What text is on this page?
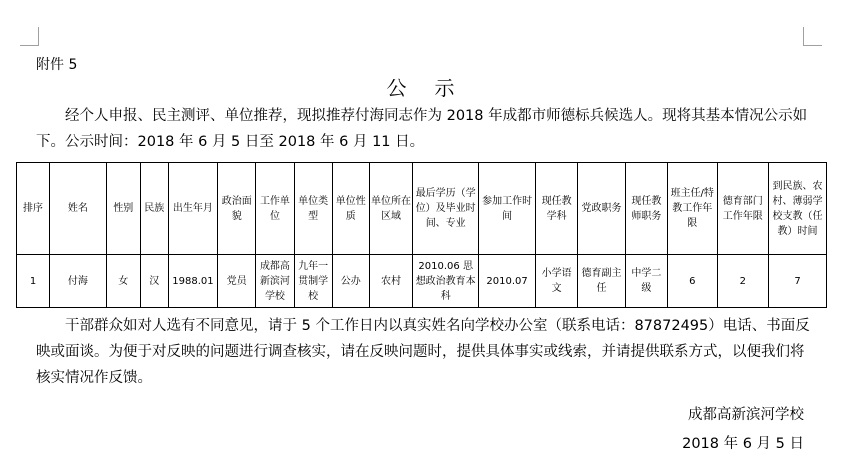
附件 5
公示
经个人申报、民主测评、单位推荐，现拟推荐付海同志作为 2018 年成都市师德标兵候选人。现将其基本情况公示如下。公示时间：2018 年 6 月 5 日至 2018 年 6 月 11 日。
排序	姓名	性别	民族	出生年月	政治面貌	工作单位	单位类型	单位性质	单位所在区域	最后学历（学位）及毕业时间、专业	参加工作时间	现任教学科	党政职务	现任教师职务	班主任/特教工作年限	德育部门工作年限	到民族、农村、薄弱学校支教（任教）时间
1	付海	女	汉	1988.01	党员	成都高新滨河学校	九年一贯制学校	公办	农村	2010.06 思想政治教育本科	2010.07	小学语文	德育副主任	中学二级	6	2	7
干部群众如对人选有不同意见，请于 5 个工作日内以真实姓名向学校办公室（联系电话：87872495）电话、书面反映或面谈。为便于对反映的问题进行调查核实，请在反映问题时，提供具体事实或线索，并请提供联系方式，以便我们将核实情况作反馈。
成都高新滨河学校
2018 年 6 月 5 日
